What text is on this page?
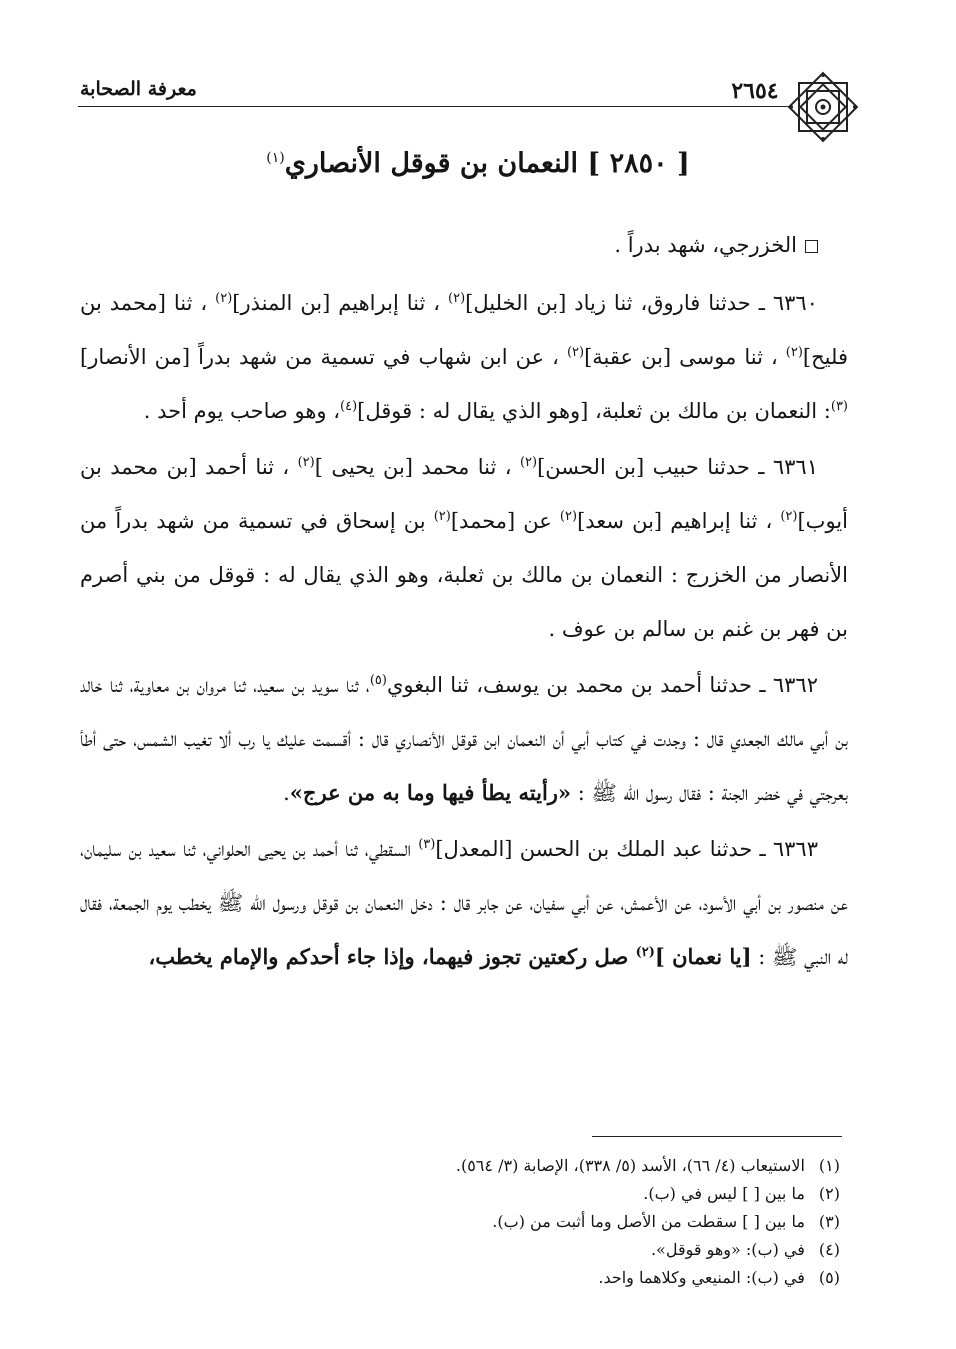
٢٦٥٤
معرفة الصحابة
[ ٢٨٥٠ ] النعمان بن قوقل الأنصاري$^{(١)}$

الخزرجي، شهد بدراً .

٦٣٦٠ ـ حدثنا فاروق، ثنا زياد [بن الخليل]$^{(٢)}$ ، ثنا إبراهيم [بن المنذر]$^{(٢)}$ ، ثنا [محمد بن فليح]$^{(٢)}$ ، ثنا موسى [بن عقبة]$^{(٢)}$ ، عن ابن شهاب في تسمية من شهد بدراً [من الأنصار]$^{(٣)}$: النعمان بن مالك بن ثعلبة، [وهو الذي يقال له : قوقل]$^{(٤)}$، وهو صاحب يوم أحد .

٦٣٦١ ـ حدثنا حبيب [بن الحسن]$^{(٢)}$ ، ثنا محمد [بن يحيى ]$^{(٢)}$ ، ثنا أحمد [بن محمد بن أيوب]$^{(٢)}$ ، ثنا إبراهيم [بن سعد]$^{(٢)}$ عن [محمد]$^{(٢)}$ بن إسحاق في تسمية من شهد بدراً من الأنصار من الخزرج : النعمان بن مالك بن ثعلبة، وهو الذي يقال له : قوقل من بني أصرم بن فهر بن غنم بن سالم بن عوف .

٦٣٦٢ ـ حدثنا أحمد بن محمد بن يوسف، ثنا البغوي$^{(٥)}$، ثنا سويد بن سعيد، ثنا مروان بن معاوية، ثنا خالد بن أبي مالك الجعدي قال : وجدت في كتاب أبي أن النعمان ابن قوقل الأنصاري قال : أقسمت عليك يا رب ألا تغيب الشمس، حتى أطأ بعرجتي في خضر الجنة : فقال رسول الله ﷺ : «رأيته يطأ فيها وما به من عرج».

٦٣٦٣ ـ حدثنا عبد الملك بن الحسن [المعدل]$^{(٣)}$ السقطي، ثنا أحمد بن يحيى الحلواني، ثنا سعيد بن سليمان، عن منصور بن أبي الأسود، عن الأعمش، عن أبي سفيان، عن جابر قال : دخل النعمان بن قوقل ورسول الله ﷺ يخطب يوم الجمعة، فقال له النبي ﷺ : [يا نعمان ]$^{(٢)}$ صل ركعتين تجوز فيهما، وإذا جاء أحدكم والإمام يخطب،

(١) الاستيعاب (٤/ ٦٦)، الأسد (٥/ ٣٣٨)، الإصابة (٣/ ٥٦٤).
(٢) ما بين [ ] ليس في (ب).
(٣) ما بين [ ] سقطت من الأصل وما أثبت من (ب).
(٤) في (ب): «وهو قوقل».
(٥) في (ب): المنيعي وكلاهما واحد.
